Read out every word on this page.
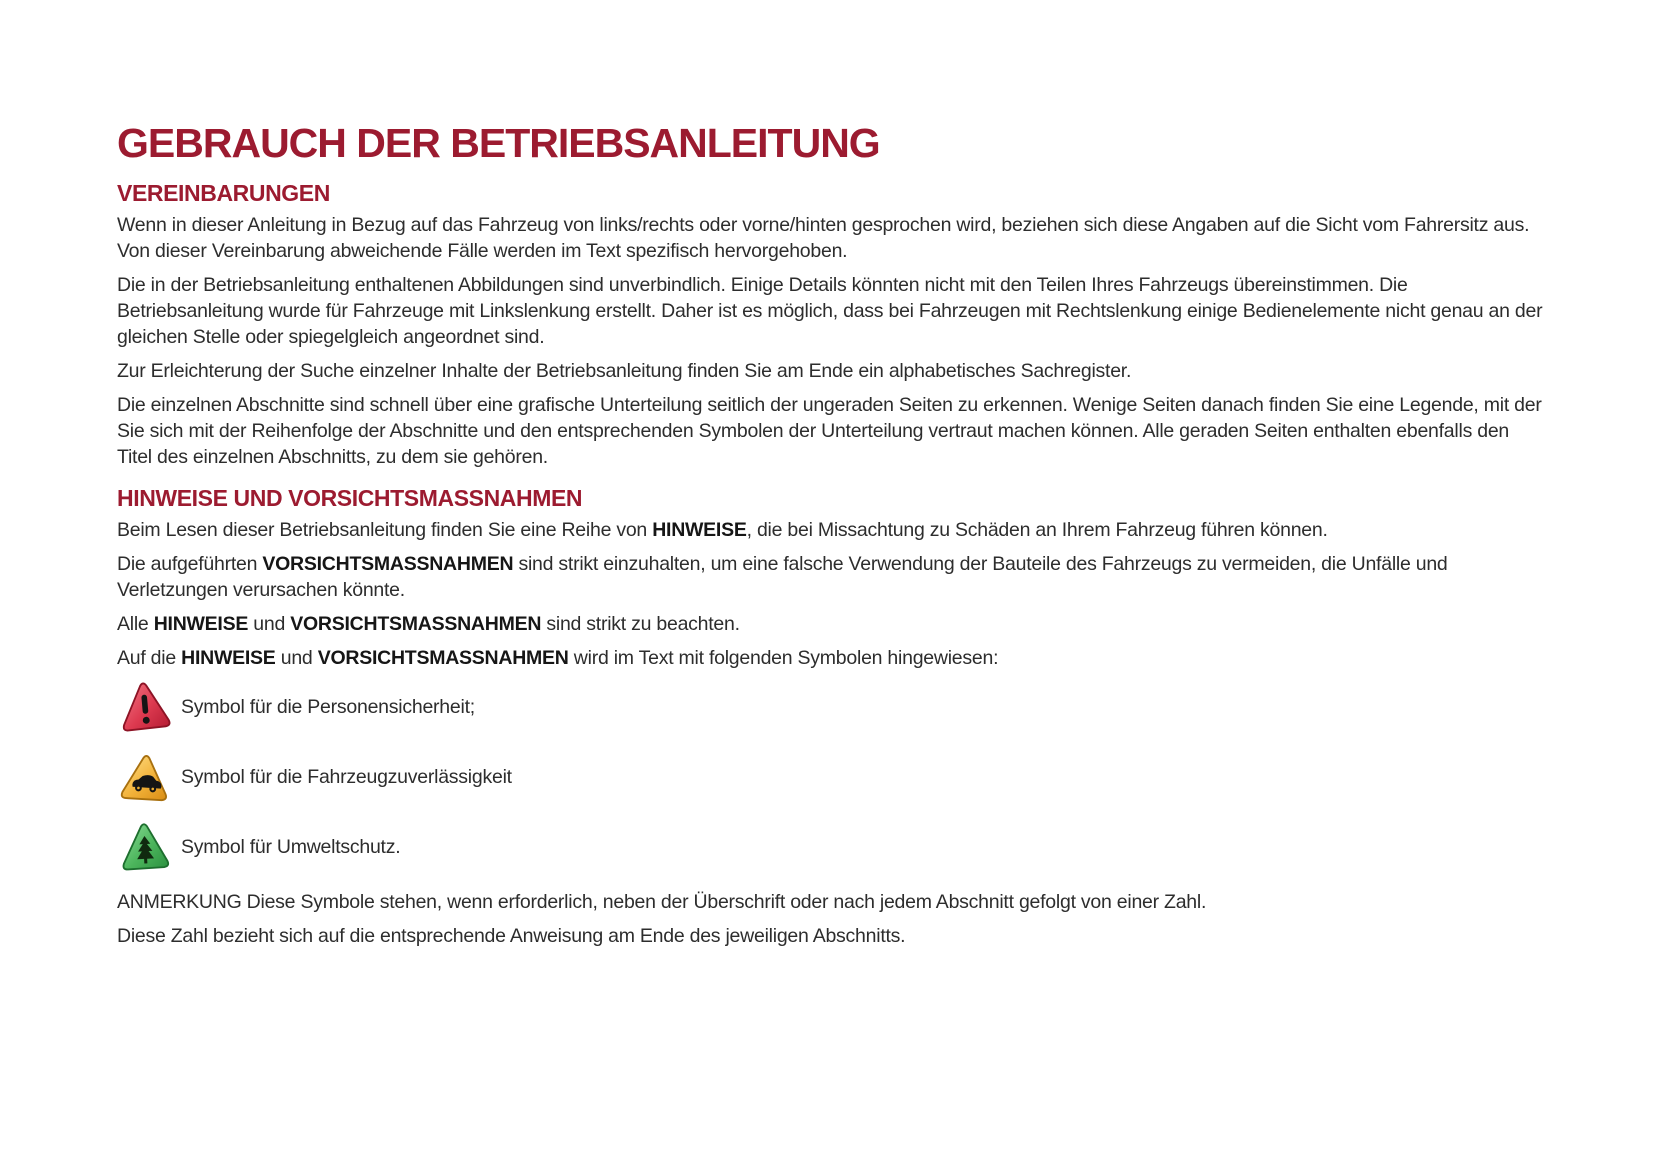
GEBRAUCH DER BETRIEBSANLEITUNG
VEREINBARUNGEN

Wenn in dieser Anleitung in Bezug auf das Fahrzeug von links/rechts oder vorne/hinten gesprochen wird, beziehen sich diese Angaben auf die Sicht vom Fahrersitz aus. Von dieser Vereinbarung abweichende Fälle werden im Text spezifisch hervorgehoben.

Die in der Betriebsanleitung enthaltenen Abbildungen sind unverbindlich. Einige Details könnten nicht mit den Teilen Ihres Fahrzeugs übereinstimmen. Die Betriebsanleitung wurde für Fahrzeuge mit Linkslenkung erstellt. Daher ist es möglich, dass bei Fahrzeugen mit Rechtslenkung einige Bedienelemente nicht genau an der gleichen Stelle oder spiegelgleich angeordnet sind.

Zur Erleichterung der Suche einzelner Inhalte der Betriebsanleitung finden Sie am Ende ein alphabetisches Sachregister.

Die einzelnen Abschnitte sind schnell über eine grafische Unterteilung seitlich der ungeraden Seiten zu erkennen. Wenige Seiten danach finden Sie eine Legende, mit der Sie sich mit der Reihenfolge der Abschnitte und den entsprechenden Symbolen der Unterteilung vertraut machen können. Alle geraden Seiten enthalten ebenfalls den Titel des einzelnen Abschnitts, zu dem sie gehören.

HINWEISE UND VORSICHTSMASSNAHMEN

Beim Lesen dieser Betriebsanleitung finden Sie eine Reihe von HINWEISE, die bei Missachtung zu Schäden an Ihrem Fahrzeug führen können.

Die aufgeführten VORSICHTSMASSNAHMEN sind strikt einzuhalten, um eine falsche Verwendung der Bauteile des Fahrzeugs zu vermeiden, die Unfälle und Verletzungen verursachen könnte.

Alle HINWEISE und VORSICHTSMASSNAHMEN sind strikt zu beachten.

Auf die HINWEISE und VORSICHTSMASSNAHMEN wird im Text mit folgenden Symbolen hingewiesen:

Symbol für die Personensicherheit;
Symbol für die Fahrzeugzuverlässigkeit
Symbol für Umweltschutz.

ANMERKUNG Diese Symbole stehen, wenn erforderlich, neben der Überschrift oder nach jedem Abschnitt gefolgt von einer Zahl.

Diese Zahl bezieht sich auf die entsprechende Anweisung am Ende des jeweiligen Abschnitts.
